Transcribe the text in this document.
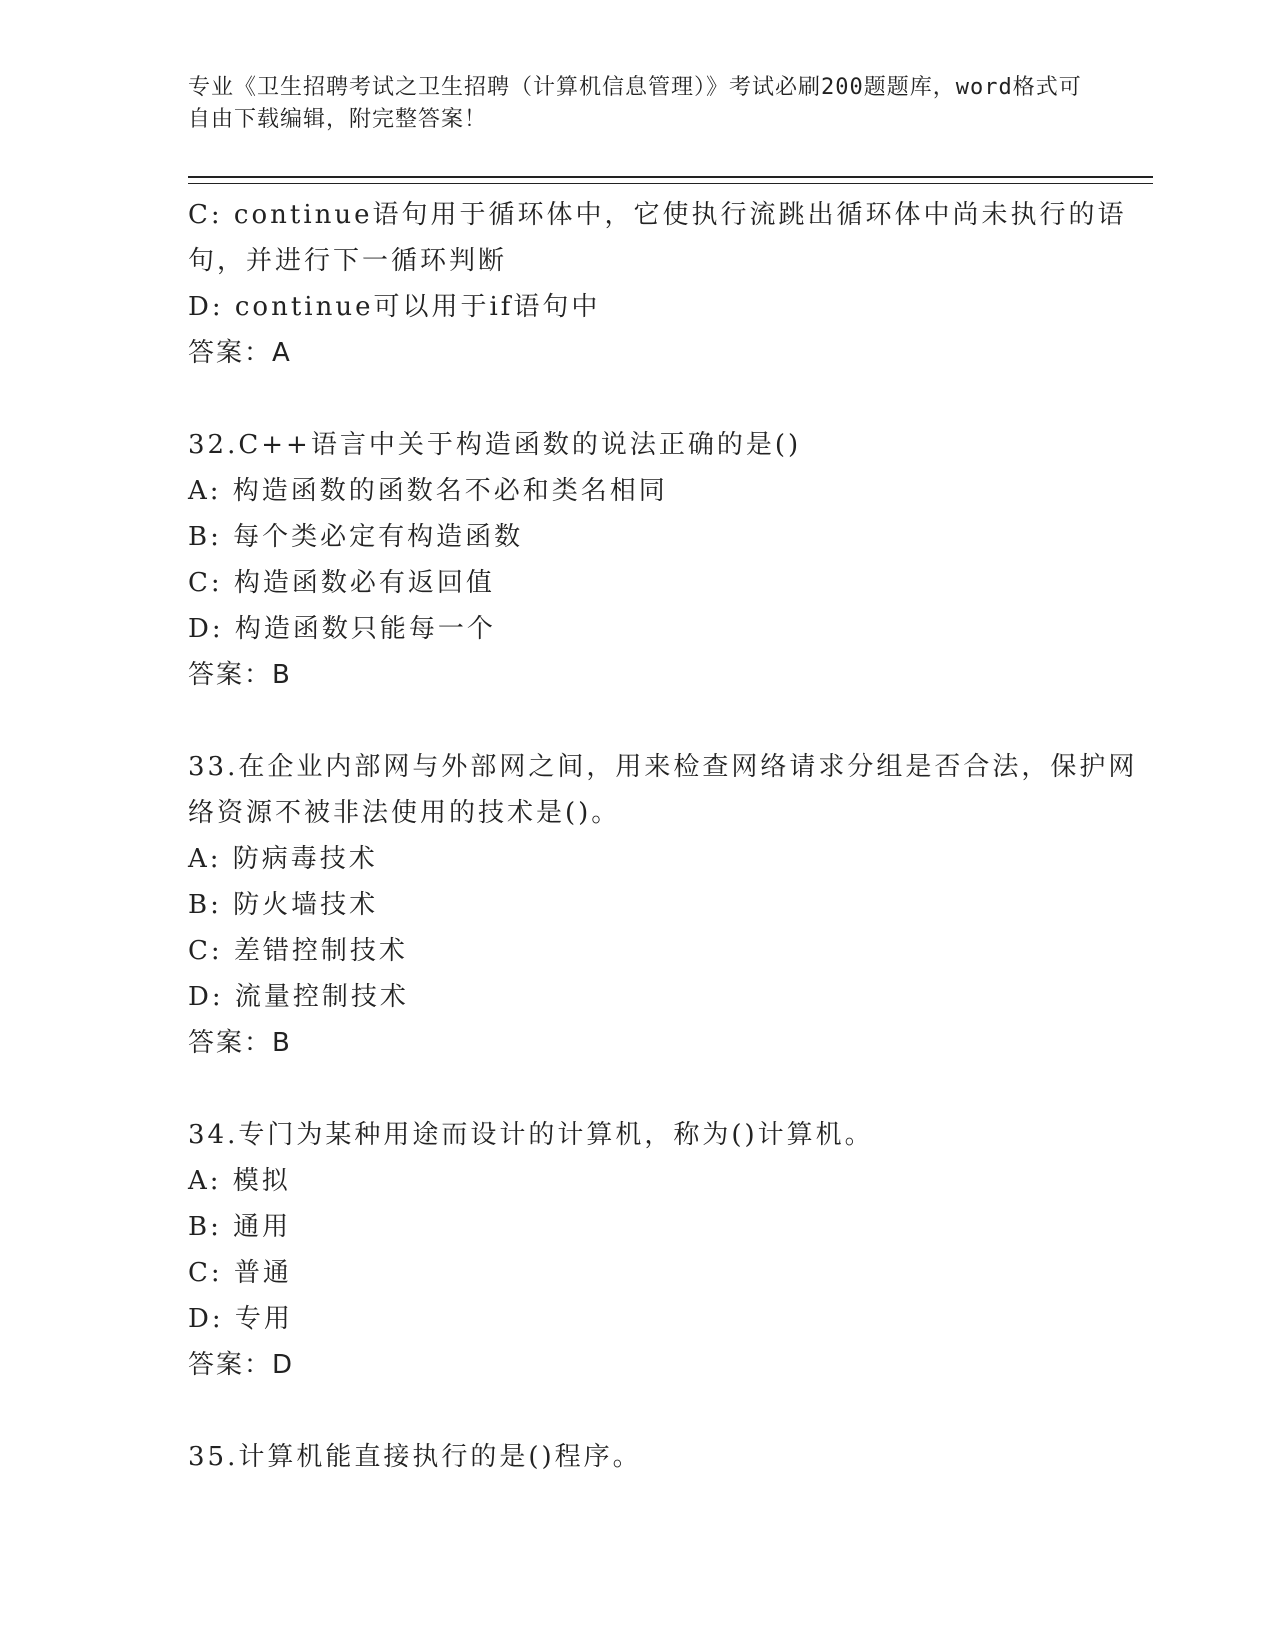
专业《卫生招聘考试之卫生招聘（计算机信息管理）》考试必刷200题题库，word格式可自由下载编辑，附完整答案！
C: continue语句用于循环体中，它使执行流跳出循环体中尚未执行的语句，并进行下一循环判断
D: continue可以用于if语句中
答案：A
32.C++语言中关于构造函数的说法正确的是()
A: 构造函数的函数名不必和类名相同
B: 每个类必定有构造函数
C: 构造函数必有返回值
D: 构造函数只能每一个
答案：B
33.在企业内部网与外部网之间，用来检查网络请求分组是否合法，保护网络资源不被非法使用的技术是()。
A: 防病毒技术
B: 防火墙技术
C: 差错控制技术
D: 流量控制技术
答案：B
34.专门为某种用途而设计的计算机，称为()计算机。
A: 模拟
B: 通用
C: 普通
D: 专用
答案：D
35.计算机能直接执行的是()程序。
